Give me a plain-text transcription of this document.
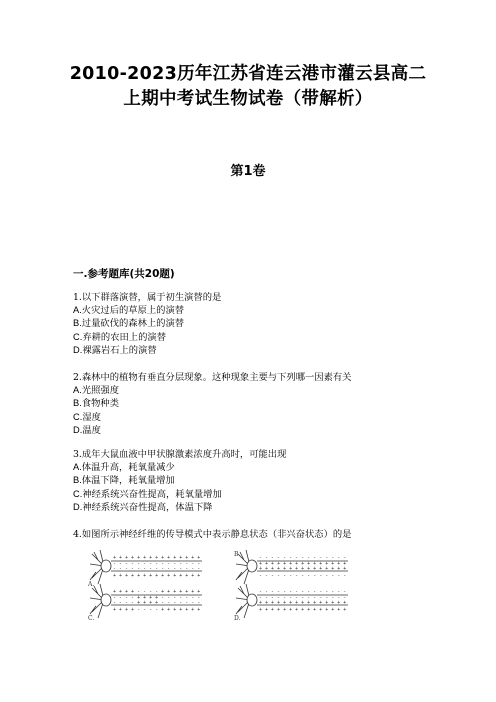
2010-2023历年江苏省连云港市灌云县高二
上期中考试生物试卷（带解析）
第1卷
一.参考题库(共20题)

1.以下群落演替，属于初生演替的是

A.火灾过后的草原上的演替

B.过量砍伐的森林上的演替

C.弃耕的农田上的演替

D.裸露岩石上的演替

2.森林中的植物有垂直分层现象。这种现象主要与下列哪一因素有关

A.光照强度

B.食物种类

C.湿度

D.温度

3.成年大鼠血液中甲状腺激素浓度升高时，可能出现

A.体温升高，耗氧量减少

B.体温下降，耗氧量增加

C.神经系统兴奋性提高，耗氧量增加

D.神经系统兴奋性提高，体温下降

4.如图所示神经纤维的传导模式中表示静息状态（非兴奋状态）的是

+ + + + + + + + + + + + + + +
- - - - - - - - - - - - - - -
- - - - - - - - - - - - - - -
+ + + + + + + + + + + + + + +
A.
- - - - - - - - - - - - - - -
+ + + + + + + + + + + + + + +
+ + + + + + + + + + + + + + +
- - - - - - - - - - - - - - -
B.
+ + + + - - - - + + + + + + +
- - - - + + + + - - - - - - -
- - - - + + + + - - - - - - -
+ + + + - - - - + + + + + + +
C.
- - - - - - - - - - - - - - -
- - - - - - - - - - - - - - -
+ + + + + + + + + + + + + + +
+ + + + + + + + + + + + + + +
D.
